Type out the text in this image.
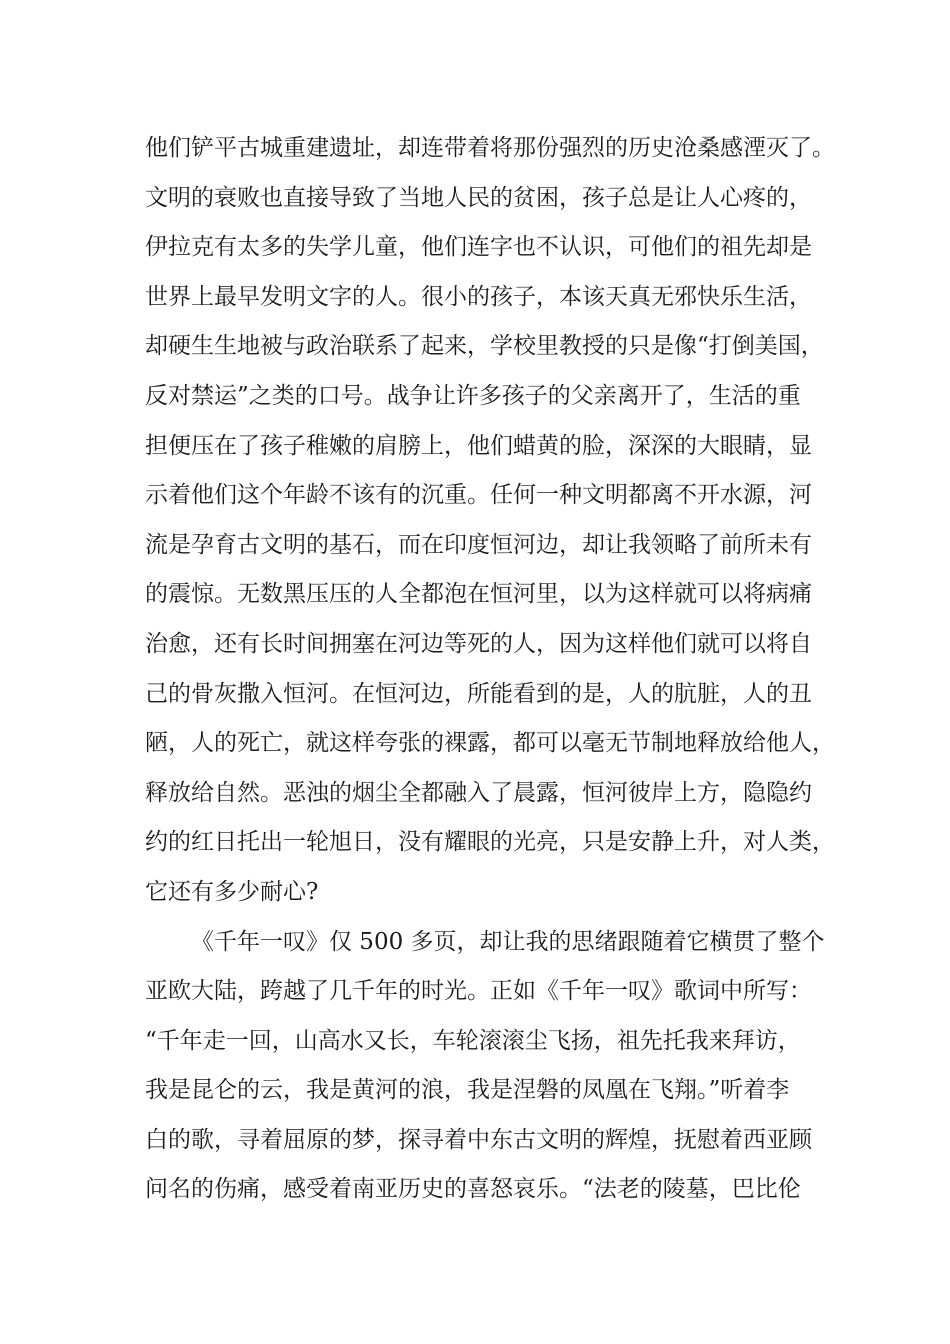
他们铲平古城重建遗址，却连带着将那份强烈的历史沧桑感湮灭了。
文明的衰败也直接导致了当地人民的贫困，孩子总是让人心疼的，
伊拉克有太多的失学儿童，他们连字也不认识，可他们的祖先却是
世界上最早发明文字的人。很小的孩子，本该天真无邪快乐生活，
却硬生生地被与政治联系了起来，学校里教授的只是像“打倒美国，
反对禁运”之类的口号。战争让许多孩子的父亲离开了，生活的重
担便压在了孩子稚嫩的肩膀上，他们蜡黄的脸，深深的大眼睛，显
示着他们这个年龄不该有的沉重。任何一种文明都离不开水源，河
流是孕育古文明的基石，而在印度恒河边，却让我领略了前所未有
的震惊。无数黑压压的人全都泡在恒河里，以为这样就可以将病痛
治愈，还有长时间拥塞在河边等死的人，因为这样他们就可以将自
己的骨灰撒入恒河。在恒河边，所能看到的是，人的肮脏，人的丑
陋，人的死亡，就这样夸张的裸露，都可以毫无节制地释放给他人，
释放给自然。恶浊的烟尘全都融入了晨露，恒河彼岸上方，隐隐约
约的红日托出一轮旭日，没有耀眼的光亮，只是安静上升，对人类，
它还有多少耐心?
《千年一叹》仅 500 多页，却让我的思绪跟随着它横贯了整个
亚欧大陆，跨越了几千年的时光。正如《千年一叹》歌词中所写：
“千年走一回，山高水又长，车轮滚滚尘飞扬，祖先托我来拜访，
我是昆仑的云，我是黄河的浪，我是涅磐的凤凰在飞翔。”听着李
白的歌，寻着屈原的梦，探寻着中东古文明的辉煌，抚慰着西亚顾
问名的伤痛，感受着南亚历史的喜怒哀乐。“法老的陵墓，巴比伦
